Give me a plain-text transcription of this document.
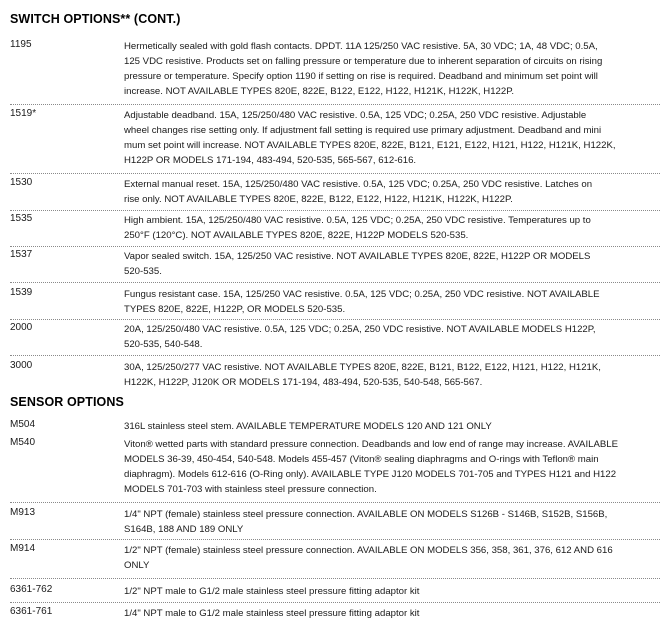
SWITCH OPTIONS** (CONT.)
1195	Hermetically sealed with gold flash contacts. DPDT. 11A 125/250 VAC resistive. 5A, 30 VDC; 1A, 48 VDC; 0.5A,
125 VDC resistive. Products set on falling pressure or temperature due to inherent separation of circuits on rising
pressure or temperature. Specify option 1190 if setting on rise is required. Deadband and minimum set point will
increase. NOT AVAILABLE TYPES 820E, 822E, B122, E122, H122, H121K, H122K, H122P.
1519*	Adjustable deadband. 15A, 125/250/480 VAC resistive. 0.5A, 125 VDC; 0.25A, 250 VDC resistive. Adjustable
wheel changes rise setting only. If adjustment fall setting is required use primary adjustment. Deadband and mini
mum set point will increase. NOT AVAILABLE TYPES 820E, 822E, B121, E121, E122, H121, H122, H121K, H122K,
H122P OR MODELS 171-194, 483-494, 520-535, 565-567, 612-616.
1530	External manual reset. 15A, 125/250/480 VAC resistive. 0.5A, 125 VDC; 0.25A, 250 VDC resistive. Latches on
rise only. NOT AVAILABLE TYPES 820E, 822E, B122, E122, H122, H121K, H122K, H122P.
1535	High ambient. 15A, 125/250/480 VAC resistive. 0.5A, 125 VDC; 0.25A, 250 VDC resistive. Temperatures up to
250°F (120°C). NOT AVAILABLE TYPES 820E, 822E, H122P MODELS 520-535.
1537	Vapor sealed switch. 15A, 125/250 VAC resistive. NOT AVAILABLE TYPES 820E, 822E, H122P OR MODELS
520-535.
1539	Fungus resistant case. 15A, 125/250 VAC resistive. 0.5A, 125 VDC; 0.25A, 250 VDC resistive. NOT AVAILABLE
TYPES 820E, 822E, H122P, OR MODELS 520-535.
2000	20A, 125/250/480 VAC resistive. 0.5A, 125 VDC; 0.25A, 250 VDC resistive. NOT AVAILABLE MODELS H122P,
520-535, 540-548.
3000	30A, 125/250/277 VAC resistive. NOT AVAILABLE TYPES 820E, 822E, B121, B122, E122, H121, H122, H121K,
H122K, H122P, J120K OR MODELS 171-194, 483-494, 520-535, 540-548, 565-567.
SENSOR OPTIONS
M504	316L stainless steel stem. AVAILABLE TEMPERATURE MODELS 120 AND 121 ONLY
M540	Viton® wetted parts with standard pressure connection. Deadbands and low end of range may increase. AVAILABLE
MODELS 36-39, 450-454, 540-548. Models 455-457 (Viton® sealing diaphragms and O-rings with Teflon® main
diaphragm). Models 612-616 (O-Ring only). AVAILABLE TYPE J120 MODELS 701-705 and TYPES H121 and H122
MODELS 701-703 with stainless steel pressure connection.
M913	1/4" NPT (female) stainless steel pressure connection. AVAILABLE ON MODELS S126B - S146B, S152B, S156B,
S164B, 188 AND 189 ONLY
M914	1/2" NPT (female) stainless steel pressure connection. AVAILABLE ON MODELS 356, 358, 361, 376, 612 AND 616
ONLY
6361-762	1/2" NPT male to G1/2 male stainless steel pressure fitting adaptor kit
6361-761	1/4" NPT male to G1/2 male stainless steel pressure fitting adaptor kit
